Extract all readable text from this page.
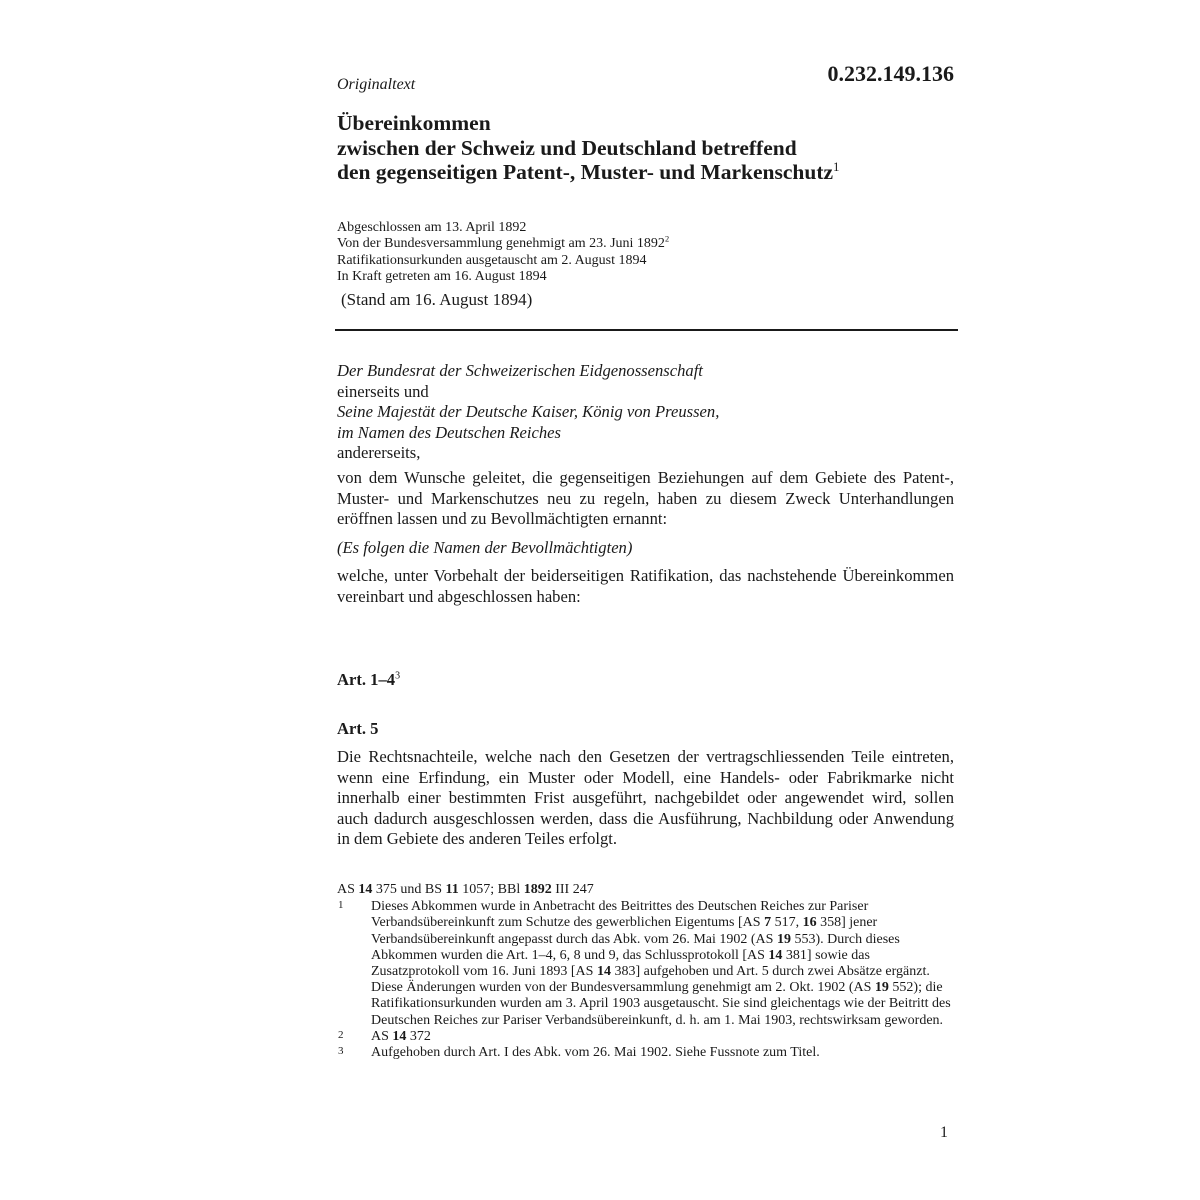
Originaltext	0.232.149.136
Übereinkommen
zwischen der Schweiz und Deutschland betreffend
den gegenseitigen Patent-, Muster- und Markenschutz$^1$
Abgeschlossen am 13. April 1892
Von der Bundesversammlung genehmigt am 23. Juni 1892$^2$
Ratifikationsurkunden ausgetauscht am 2. August 1894
In Kraft getreten am 16. August 1894
(Stand am 16. August 1894)
Der Bundesrat der Schweizerischen Eidgenossenschaft
einerseits und
Seine Majestät der Deutsche Kaiser, König von Preussen,
im Namen des Deutschen Reiches
andererseits,
von dem Wunsche geleitet, die gegenseitigen Beziehungen auf dem Gebiete des Patent-, Muster- und Markenschutzes neu zu regeln, haben zu diesem Zweck Unterhandlungen eröffnen lassen und zu Bevollmächtigten ernannt:
(Es folgen die Namen der Bevollmächtigten)
welche, unter Vorbehalt der beiderseitigen Ratifikation, das nachstehende Übereinkommen vereinbart und abgeschlossen haben:
Art. $1-4^3$
Art. 5
Die Rechtsnachteile, welche nach den Gesetzen der vertragschliessenden Teile eintreten, wenn eine Erfindung, ein Muster oder Modell, eine Handels- oder Fabrikmarke nicht innerhalb einer bestimmten Frist ausgeführt, nachgebildet oder angewendet wird, sollen auch dadurch ausgeschlossen werden, dass die Ausführung, Nachbildung oder Anwendung in dem Gebiete des anderen Teiles erfolgt.
AS 14 375 und BS 11 1057; BBl 1892 III 247
1 Dieses Abkommen wurde in Anbetracht des Beitrittes des Deutschen Reiches zur Pariser Verbandsübereinkunft zum Schutze des gewerblichen Eigentums [AS 7 517, 16 358] jener Verbandsübereinkunft angepasst durch das Abk. vom 26. Mai 1902 (AS 19 553). Durch dieses Abkommen wurden die Art. 1–4, 6, 8 und 9, das Schlussprotokoll [AS 14 381] sowie das Zusatzprotokoll vom 16. Juni 1893 [AS 14 383] aufgehoben und Art. 5 durch zwei Absätze ergänzt. Diese Änderungen wurden von der Bundesversammlung genehmigt am 2. Okt. 1902 (AS 19 552); die Ratifikationsurkunden wurden am 3. April 1903 ausgetauscht. Sie sind gleichentags wie der Beitritt des Deutschen Reiches zur Pariser Verbandsübereinkunft, d. h. am 1. Mai 1903, rechtswirksam geworden.
2 AS 14 372
3 Aufgehoben durch Art. I des Abk. vom 26. Mai 1902. Siehe Fussnote zum Titel.
1
